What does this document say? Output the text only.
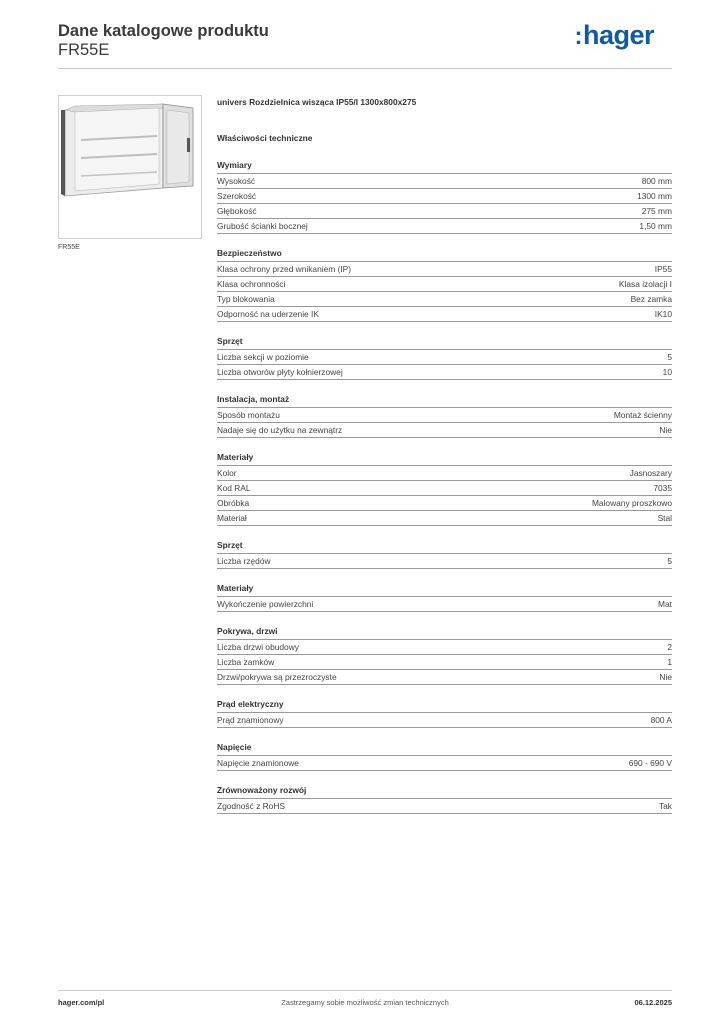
Dane katalogowe produktu
FR55E	:hager
FR55E
univers Rozdzielnica wisząca IP55/I 1300x800x275
Właściwości techniczne
Wymiary
Wysokość	800 mm
Szerokość	1300 mm
Głębokość	275 mm
Grubość ścianki bocznej	1,50 mm
Bezpieczeństwo
Klasa ochrony przed wnikaniem (IP)	IP55
Klasa ochronności	Klasa izolacji I
Typ blokowania	Bez zamka
Odporność na uderzenie IK	IK10
Sprzęt
Liczba sekcji w poziomie	5
Liczba otworów płyty kołnierzowej	10
Instalacja, montaż
Sposób montażu	Montaż ścienny
Nadaje się do użytku na zewnątrz	Nie
Materiały
Kolor	Jasnoszary
Kod RAL	7035
Obróbka	Malowany proszkowo
Materiał	Stal
Sprzęt
Liczba rzędów	5
Materiały
Wykończenie powierzchni	Mat
Pokrywa, drzwi
Liczba drzwi obudowy	2
Liczba zamków	1
Drzwi/pokrywa są przezroczyste	Nie
Prąd elektryczny
Prąd znamionowy	800 A
Napięcie
Napięcie znamionowe	690 - 690 V
Zrównoważony rozwój
Zgodność z RoHS	Tak
hager.com/pl	Zastrzegamy sobie możliwość zmian technicznych	06.12.2025
